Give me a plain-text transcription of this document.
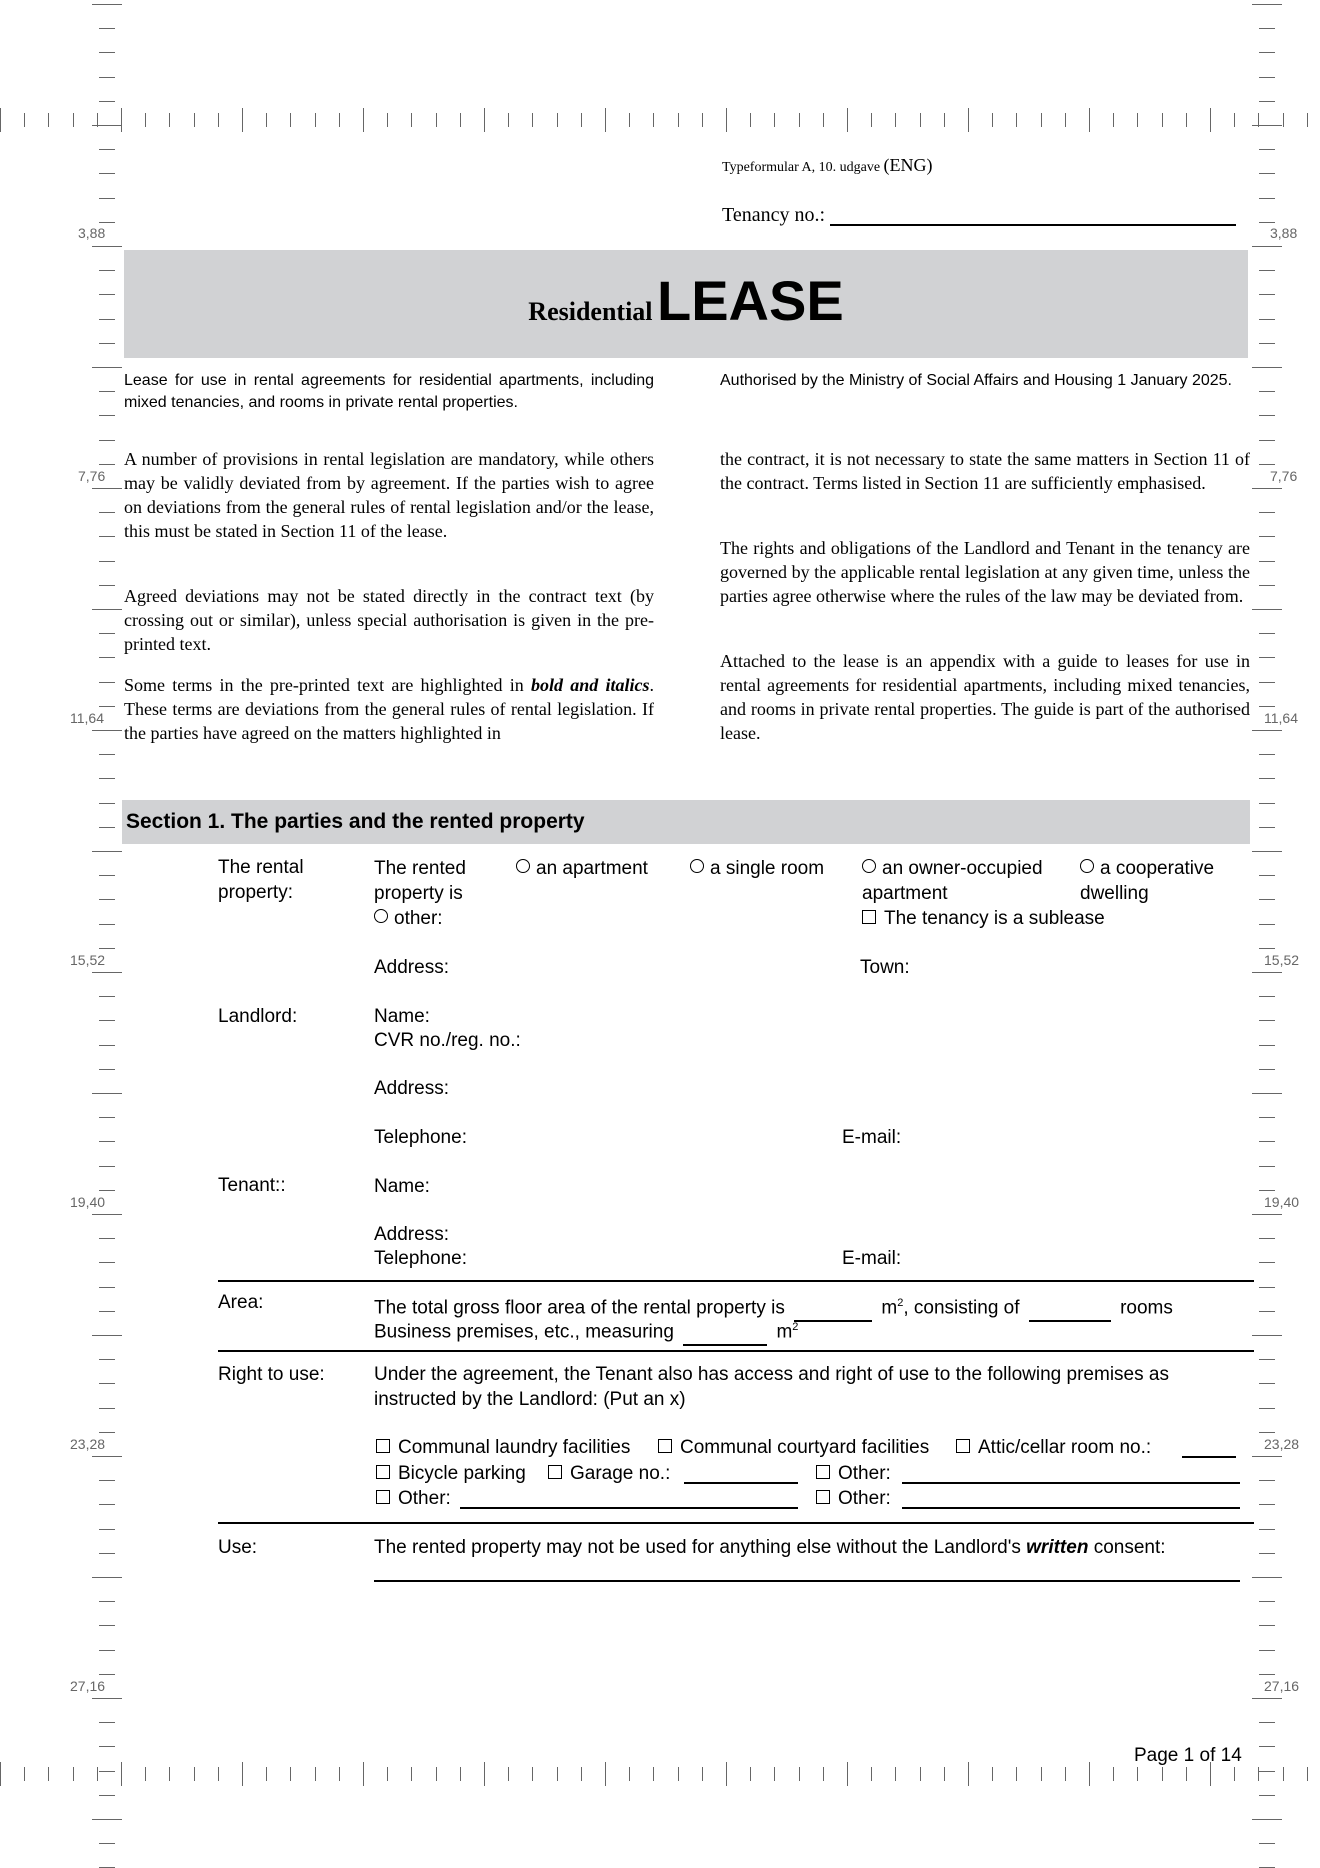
3,88	3,88
7,76	7,76
11,64	11,64
15,52	15,52
19,40	19,40
23,28	23,28
27,16	27,16
Typeformular A, 10. udgave (ENG)
Tenancy no.:
Residential LEASE
Lease for use in rental agreements for residential apartments, including mixed tenancies, and rooms in private rental properties.
Authorised by the Ministry of Social Affairs and Housing 1 January 2025.
A number of provisions in rental legislation are mandatory, while others may be validly deviated from by agreement. If the parties wish to agree on deviations from the general rules of rental legislation and/or the lease, this must be stated in Section 11 of the lease.
Agreed deviations may not be stated directly in the contract text (by crossing out or similar), unless special authorisation is given in the pre-printed text.
Some terms in the pre-printed text are highlighted in bold and italics. These terms are deviations from the general rules of rental legislation. If the parties have agreed on the matters highlighted in
the contract, it is not necessary to state the same matters in Section 11 of the contract. Terms listed in Section 11 are sufficiently emphasised.
The rights and obligations of the Landlord and Tenant in the tenancy are governed by the applicable rental legislation at any given time, unless the parties agree otherwise where the rules of the law may be deviated from.
Attached to the lease is an appendix with a guide to leases for use in rental agreements for residential apartments, including mixed tenancies, and rooms in private rental properties. The guide is part of the authorised lease.
Section 1. The parties and the rented property
The rental property:
The rented property is
an apartment	a single room	an owner-occupied apartment
a cooperative dwelling
other:	The tenancy is a sublease
Address:	Town:
Landlord:	Name:
CVR no./reg. no.:
Address:
Telephone:	E-mail:
Tenant::	Name:
Address:
Telephone:	E-mail:
Area:	The total gross floor area of the rental property is	$m^2$, consisting of	rooms
Business premises, etc., measuring	$m^2$
Right to use:	Under the agreement, the Tenant also has access and right of use to the following premises as instructed by the Landlord: (Put an x)
Communal laundry facilities	Communal courtyard facilities	Attic/cellar room no.:
Bicycle parking	Garage no.:	Other:
Other:	Other:
Use:	The rented property may not be used for anything else without the Landlord's written consent:
Page 1 of 14
